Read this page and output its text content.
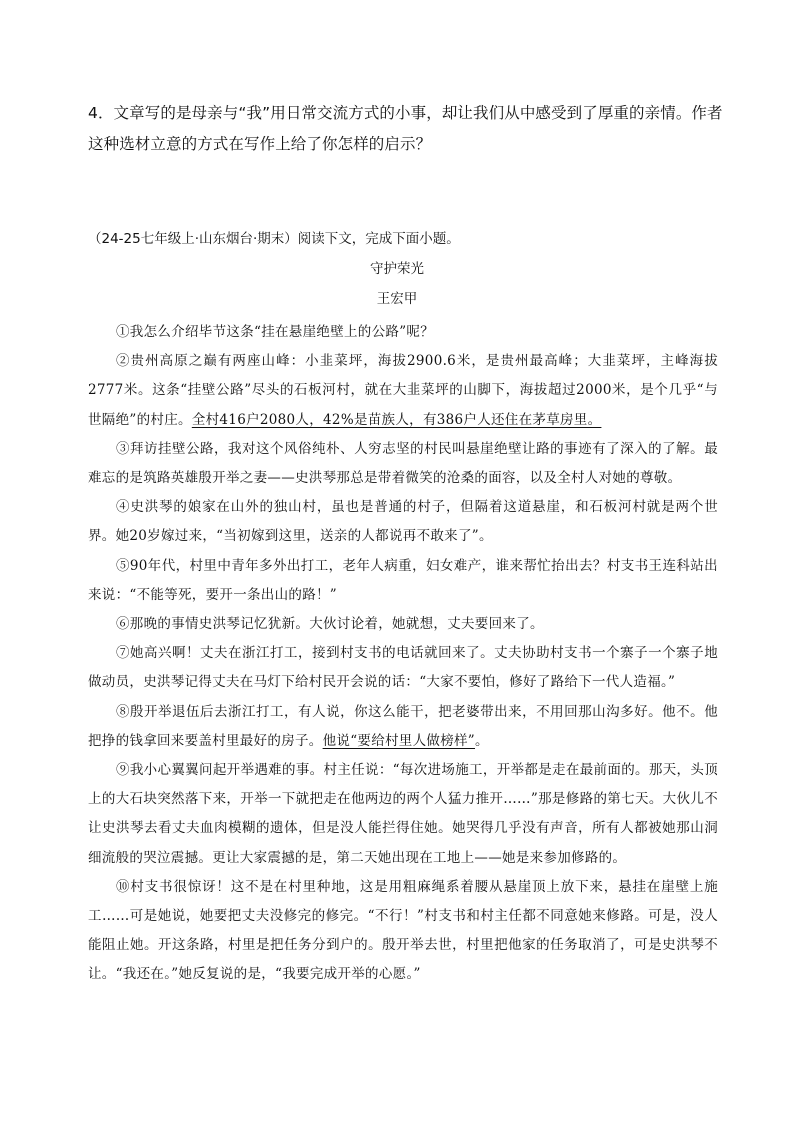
4．文章写的是母亲与“我”用日常交流方式的小事，却让我们从中感受到了厚重的亲情。作者这种选材立意的方式在写作上给了你怎样的启示？
（24-25七年级上·山东烟台·期末）阅读下文，完成下面小题。
守护荣光
王宏甲

①我怎么介绍毕节这条“挂在悬崖绝壁上的公路”呢？

②贵州高原之巅有两座山峰：小韭菜坪，海拔2900.6米，是贵州最高峰；大韭菜坪，主峰海拔2777米。这条“挂壁公路”尽头的石板河村，就在大韭菜坪的山脚下，海拔超过2000米，是个几乎“与世隔绝”的村庄。全村416户2080人，42%是苗族人，有386户人还住在茅草房里。

③拜访挂壁公路，我对这个风俗纯朴、人穷志坚的村民叫悬崖绝壁让路的事迹有了深入的了解。最难忘的是筑路英雄殷开举之妻——史洪琴那总是带着微笑的沧桑的面容，以及全村人对她的尊敬。

④史洪琴的娘家在山外的独山村，虽也是普通的村子，但隔着这道悬崖，和石板河村就是两个世界。她20岁嫁过来，“当初嫁到这里，送亲的人都说再不敢来了”。

⑤90年代，村里中青年多外出打工，老年人病重，妇女难产，谁来帮忙抬出去？村支书王连科站出来说：“不能等死，要开一条出山的路！”

⑥那晚的事情史洪琴记忆犹新。大伙讨论着，她就想，丈夫要回来了。

⑦她高兴啊！丈夫在浙江打工，接到村支书的电话就回来了。丈夫协助村支书一个寨子一个寨子地做动员，史洪琴记得丈夫在马灯下给村民开会说的话：“大家不要怕，修好了路给下一代人造福。”

⑧殷开举退伍后去浙江打工，有人说，你这么能干，把老婆带出来，不用回那山沟多好。他不。他把挣的钱拿回来要盖村里最好的房子。他说“要给村里人做榜样”。

⑨我小心翼翼问起开举遇难的事。村主任说：“每次进场施工，开举都是走在最前面的。那天，头顶上的大石块突然落下来，开举一下就把走在他两边的两个人猛力推开……”那是修路的第七天。大伙儿不让史洪琴去看丈夫血肉模糊的遗体，但是没人能拦得住她。她哭得几乎没有声音，所有人都被她那山洞细流般的哭泣震撼。更让大家震撼的是，第二天她出现在工地上——她是来参加修路的。

⑩村支书很惊讶！这不是在村里种地，这是用粗麻绳系着腰从悬崖顶上放下来，悬挂在崖壁上施工……可是她说，她要把丈夫没修完的修完。“不行！”村支书和村主任都不同意她来修路。可是，没人能阻止她。开这条路，村里是把任务分到户的。殷开举去世，村里把他家的任务取消了，可是史洪琴不让。“我还在。”她反复说的是，“我要完成开举的心愿。”
